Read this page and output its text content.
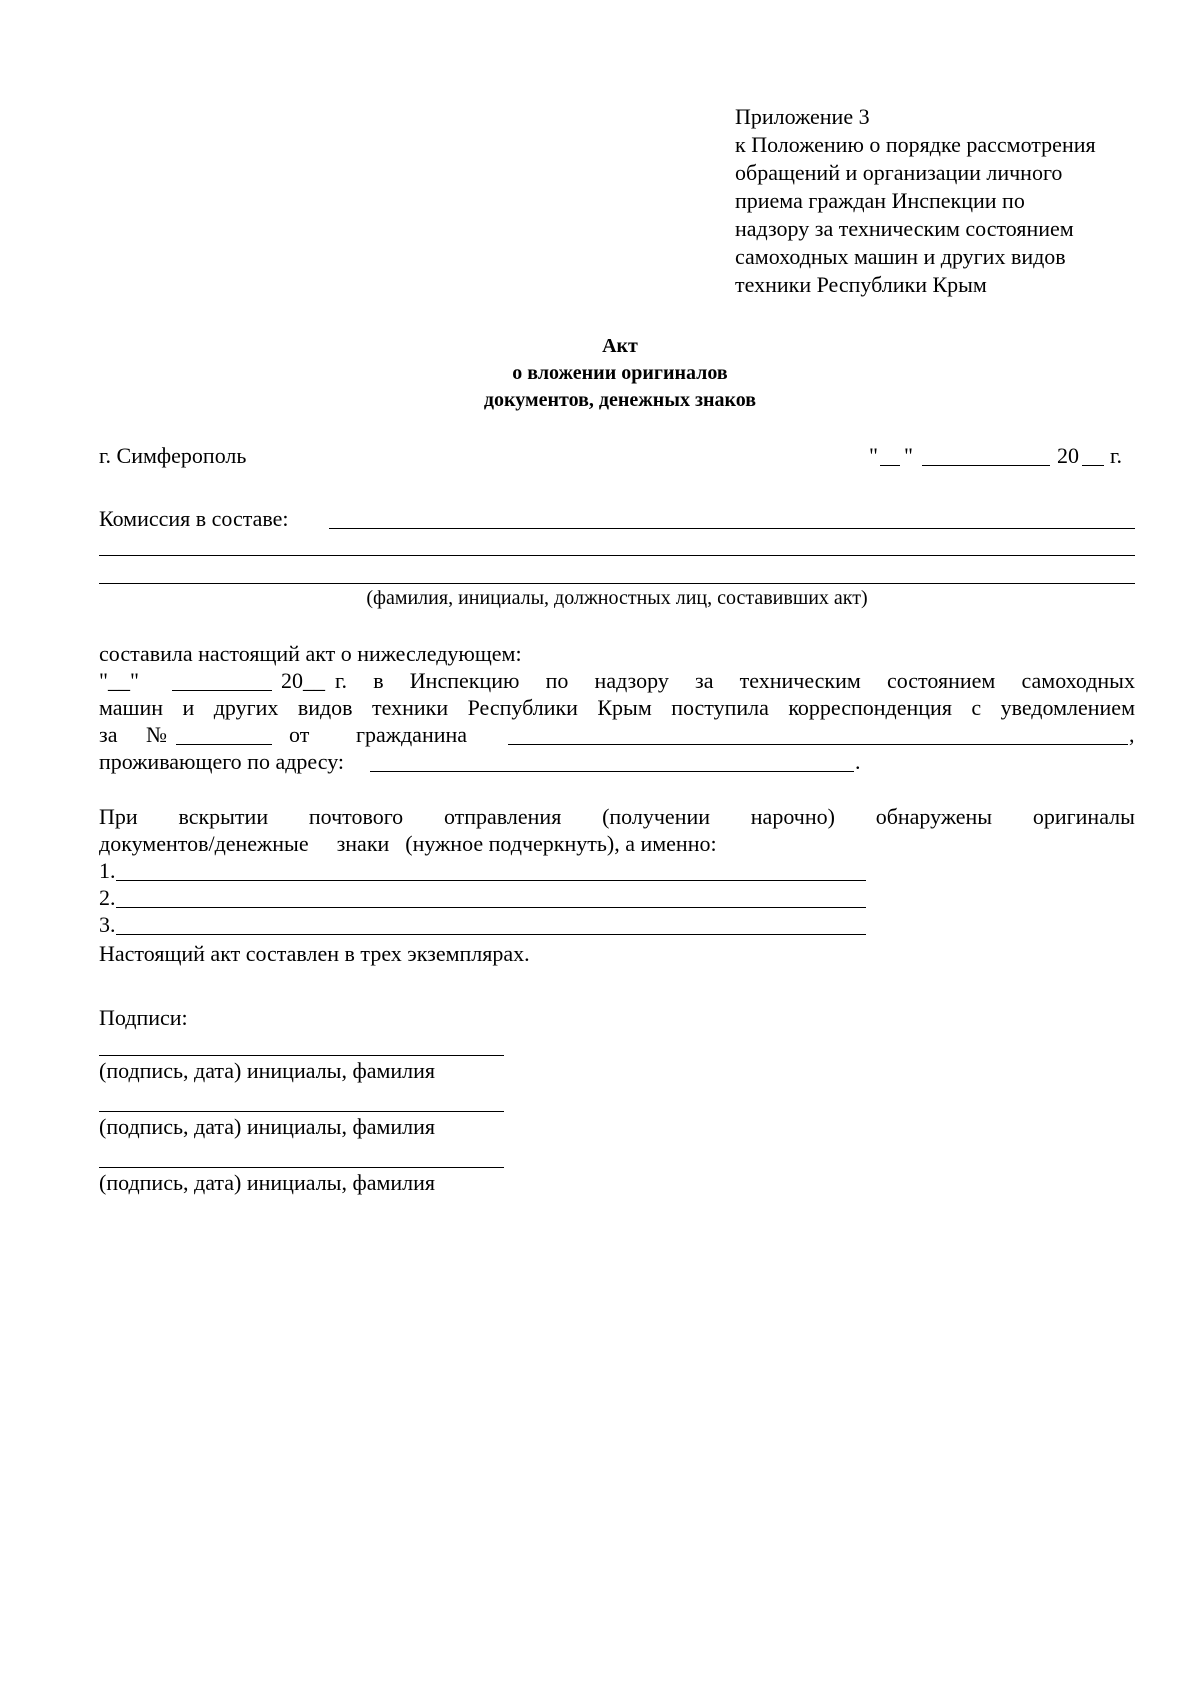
Приложение 3
к Положению о порядке рассмотрения
обращений и организации личного
приема граждан Инспекции по
надзору за техническим состоянием
самоходных машин и других видов
техники Республики Крым
Акт
о вложении оригиналов
документов, денежных знаков
г. Симферополь	" "	20 г.
Комиссия в составе:
(фамилия, инициалы, должностных лиц, составивших акт)
составила настоящий акт о нижеследующем:
"__"	20__ г. в Инспекцию по надзору за техническим состоянием самоходных
машин и других видов техники Республики Крым поступила корреспонденция с уведомлением
за №	от гражданина	,
проживающего по адресу:	.
При вскрытии почтового отправления (получении нарочно) обнаружены оригиналы
документов/денежные знаки (нужное подчеркнуть), а именно:
1.
2.
3.
Настоящий акт составлен в трех экземплярах.
Подписи:
(подпись, дата) инициалы, фамилия
(подпись, дата) инициалы, фамилия
(подпись, дата) инициалы, фамилия
